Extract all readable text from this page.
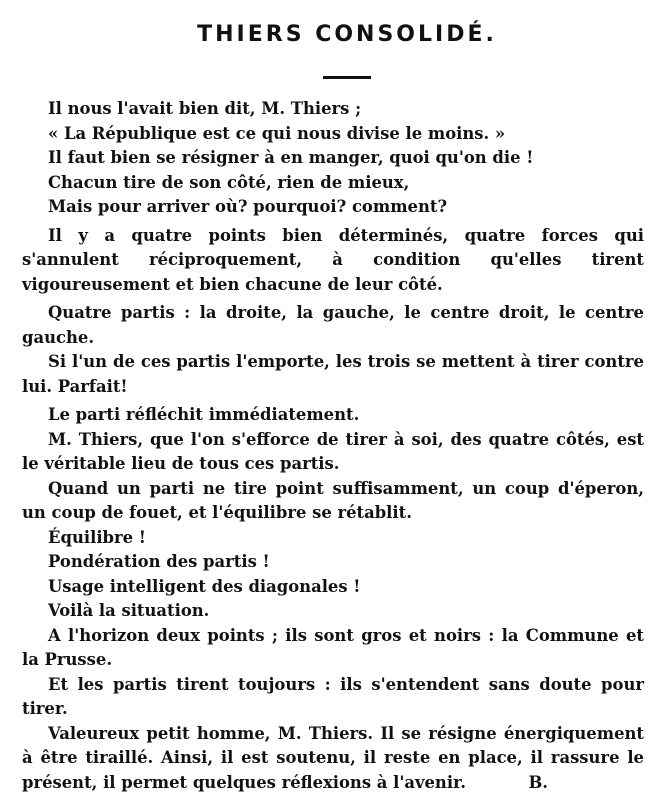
THIERS CONSOLIDÉ.

Il nous l'avait bien dit, M. Thiers ;

« La République est ce qui nous divise le moins. »

Il faut bien se résigner à en manger, quoi qu'on die !

Chacun tire de son côté, rien de mieux,

Mais pour arriver où? pourquoi? comment?

Il y a quatre points bien déterminés, quatre forces qui s'annulent réciproquement, à condition qu'elles tirent vigoureusement et bien chacune de leur côté.

Quatre partis : la droite, la gauche, le centre droit, le centre gauche.

Si l'un de ces partis l'emporte, les trois se mettent à tirer contre lui. Parfait!

Le parti réfléchit immédiatement.

M. Thiers, que l'on s'efforce de tirer à soi, des quatre côtés, est le véritable lieu de tous ces partis.

Quand un parti ne tire point suffisamment, un coup d'éperon, un coup de fouet, et l'équilibre se rétablit.

Équilibre !

Pondération des partis !

Usage intelligent des diagonales !

Voilà la situation.

A l'horizon deux points ; ils sont gros et noirs : la Commune et la Prusse.

Et les partis tirent toujours : ils s'entendent sans doute pour tirer.

Valeureux petit homme, M. Thiers. Il se résigne énergiquement à être tiraillé. Ainsi, il est soutenu, il reste en place, il rassure le présent, il permet quelques réflexions à l'avenir.	B.
